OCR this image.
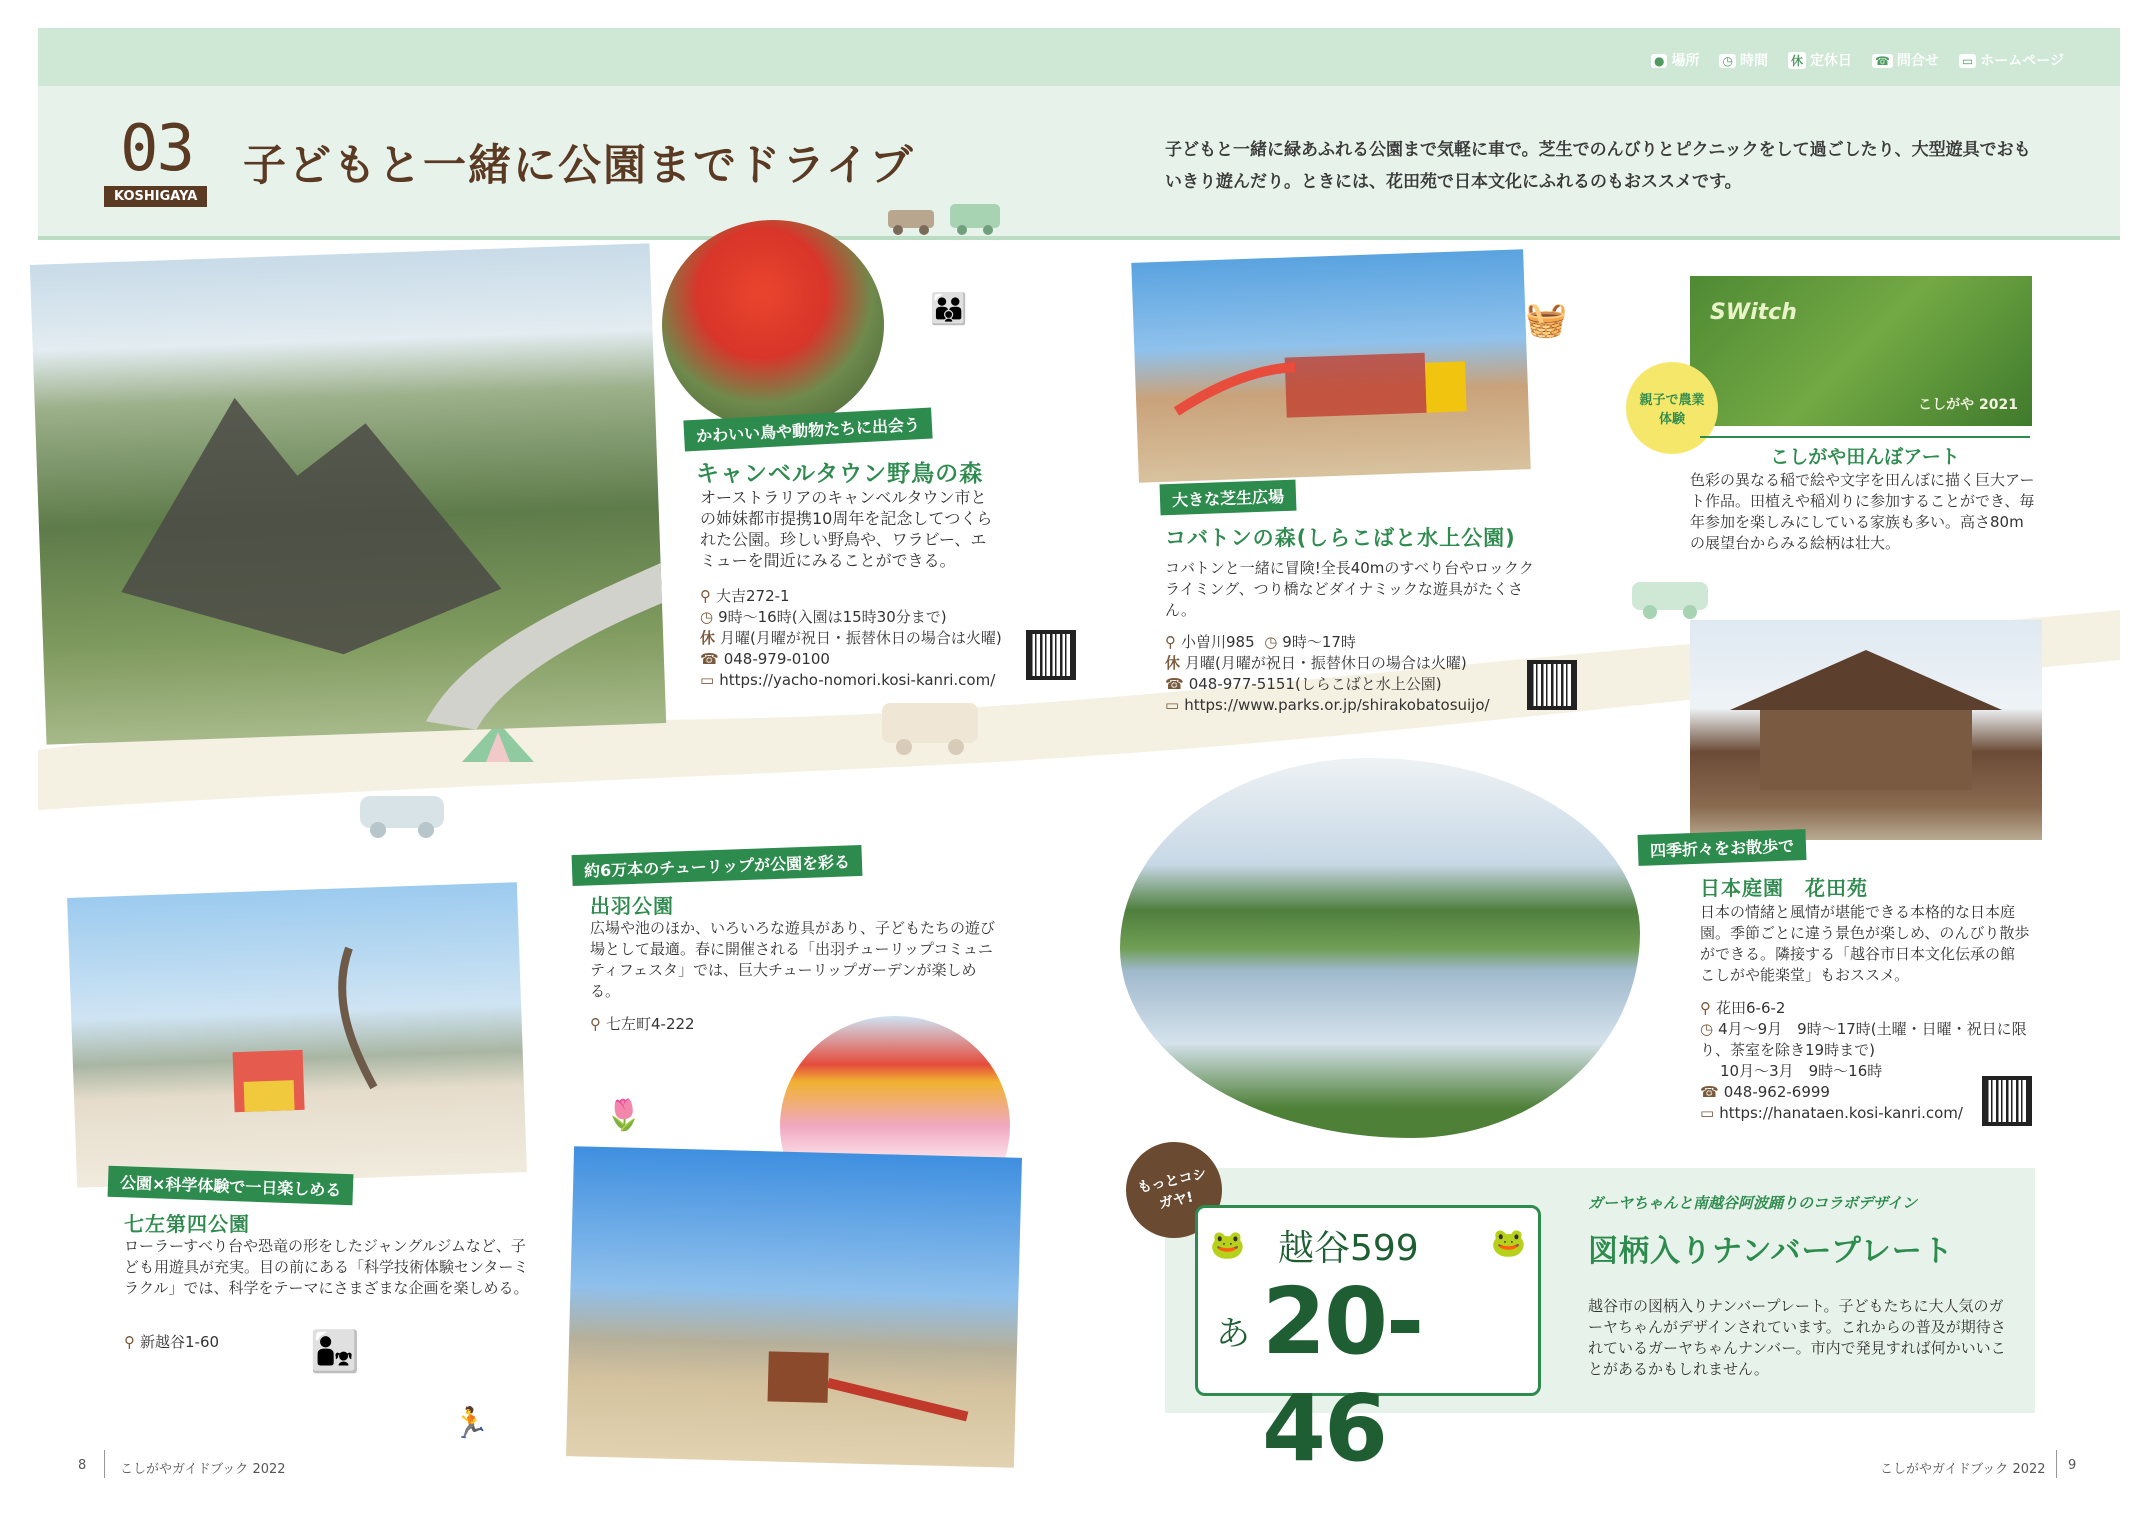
● 場所 ◷ 時間 休 定休日 ☎ 問合せ ▭ ホームページ
03
KOSHIGAYA
子どもと一緒に公園までドライブ	子どもと一緒に緑あふれる公園まで気軽に車で。芝生でのんびりとピクニックをして過ごしたり、大型遊具でおもいきり遊んだり。ときには、花田苑で日本文化にふれるのもおススメです。
👪
かわいい鳥や動物たちに出会う
キャンベルタウン野鳥の森
オーストラリアのキャンベルタウン市との姉妹都市提携10周年を記念してつくられた公園。珍しい野鳥や、ワラビー、エミューを間近にみることができる。
⚲ 大吉272-1
◷ 9時～16時(入園は15時30分まで)
休 月曜(月曜が祝日・振替休日の場合は火曜)
☎ 048-979-0100
▭ https://yacho-nomori.kosi-kanri.com/
🧺
大きな芝生広場
コバトンの森(しらこばと水上公園)
コバトンと一緒に冒険!全長40mのすべり台やロッククライミング、つり橋などダイナミックな遊具がたくさん。
⚲ 小曽川985 ◷ 9時～17時
休 月曜(月曜が祝日・振替休日の場合は火曜)
☎ 048-977-5151(しらこばと水上公園)
▭ https://www.parks.or.jp/shirakobatosuijo/
SWitch
こしがや 2021
親子で農業体験
こしがや田んぼアート
色彩の異なる稲で絵や文字を田んぼに描く巨大アート作品。田植えや稲刈りに参加することができ、毎年参加を楽しみにしている家族も多い。高さ80mの展望台からみる絵柄は壮大。
四季折々をお散歩で
日本庭園　花田苑
日本の情緒と風情が堪能できる本格的な日本庭園。季節ごとに違う景色が楽しめ、のんびり散歩ができる。隣接する「越谷市日本文化伝承の館　こしがや能楽堂」もおススメ。
⚲ 花田6-6-2
◷ 4月～9月　9時～17時(土曜・日曜・祝日に限り、茶室を除き19時まで)
10月～3月　9時～16時
☎ 048-962-6999
▭ https://hanataen.kosi-kanri.com/
公園×科学体験で一日楽しめる
七左第四公園
ローラーすべり台や恐竜の形をしたジャングルジムなど、子ども用遊具が充実。目の前にある「科学技術体験センターミラクル」では、科学をテーマにさまざまな企画を楽しめる。
⚲ 新越谷1-60 👨‍👧
🏃
約6万本のチューリップが公園を彩る
出羽公園
広場や池のほか、いろいろな遊具があり、子どもたちの遊び場として最適。春に開催される「出羽チューリップコミュニティフェスタ」では、巨大チューリップガーデンが楽しめる。
⚲ 七左町4-222
🌷
もっとコシガヤ!
越谷599
あ 20-46
🐸	🐸
ガーヤちゃんと南越谷阿波踊りのコラボデザイン
図柄入りナンバープレート
越谷市の図柄入りナンバープレート。子どもたちに大人気のガーヤちゃんがデザインされています。これからの普及が期待されているガーヤちゃんナンバー。市内で発見すれば何かいいことがあるかもしれません。
8	こしがやガイドブック 2022	こしがやガイドブック 2022 9
